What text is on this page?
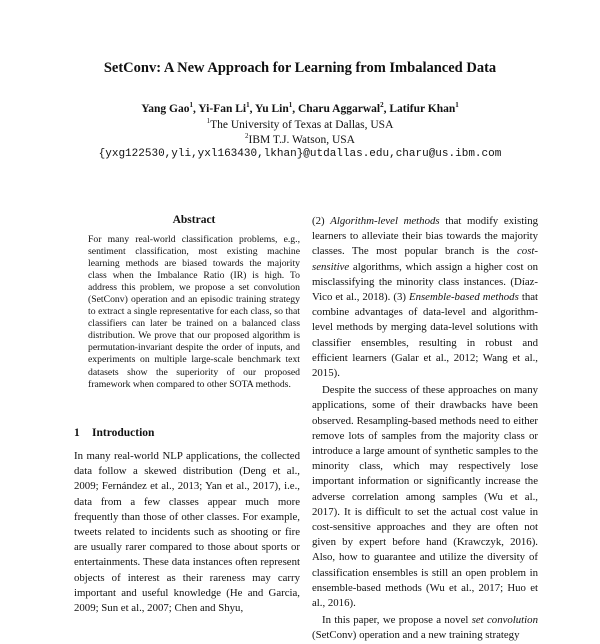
SetConv: A New Approach for Learning from Imbalanced Data
Yang Gao$^1$, Yi-Fan Li$^1$, Yu Lin$^1$, Charu Aggarwal$^2$, Latifur Khan$^1$
$^1$The University of Texas at Dallas, USA
$^2$IBM T.J. Watson, USA
{yxg122530,yli,yxl163430,lkhan}@utdallas.edu,charu@us.ibm.com
Abstract
For many real-world classification problems, e.g., sentiment classification, most existing machine learning methods are biased towards the majority class when the Imbalance Ratio (IR) is high. To address this problem, we propose a set convolution (SetConv) operation and an episodic training strategy to extract a single representative for each class, so that classifiers can later be trained on a balanced class distribution. We prove that our proposed algorithm is permutation-invariant despite the order of inputs, and experiments on multiple large-scale benchmark text datasets show the superiority of our proposed framework when compared to other SOTA methods.
1 Introduction

In many real-world NLP applications, the collected data follow a skewed distribution (Deng et al., 2009; Fernández et al., 2013; Yan et al., 2017), i.e., data from a few classes appear much more frequently than those of other classes. For example, tweets related to incidents such as shooting or fire are usually rarer compared to those about sports or entertainments. These data instances often represent objects of interest as their rareness may carry important and useful knowledge (He and Garcia, 2009; Sun et al., 2007; Chen and Shyu,

(2) Algorithm-level methods that modify existing learners to alleviate their bias towards the majority classes. The most popular branch is the cost-sensitive algorithms, which assign a higher cost on misclassifying the minority class instances. (Díaz-Vico et al., 2018). (3) Ensemble-based methods that combine advantages of data-level and algorithm-level methods by merging data-level solutions with classifier ensembles, resulting in robust and efficient learners (Galar et al., 2012; Wang et al., 2015).

Despite the success of these approaches on many applications, some of their drawbacks have been observed. Resampling-based methods need to either remove lots of samples from the majority class or introduce a large amount of synthetic samples to the minority class, which may respectively lose important information or significantly increase the adverse correlation among samples (Wu et al., 2017). It is difficult to set the actual cost value in cost-sensitive approaches and they are often not given by expert before hand (Krawczyk, 2016). Also, how to guarantee and utilize the diversity of classification ensembles is still an open problem in ensemble-based methods (Wu et al., 2017; Huo et al., 2016).

In this paper, we propose a novel set convolution (SetConv) operation and a new training strategy
